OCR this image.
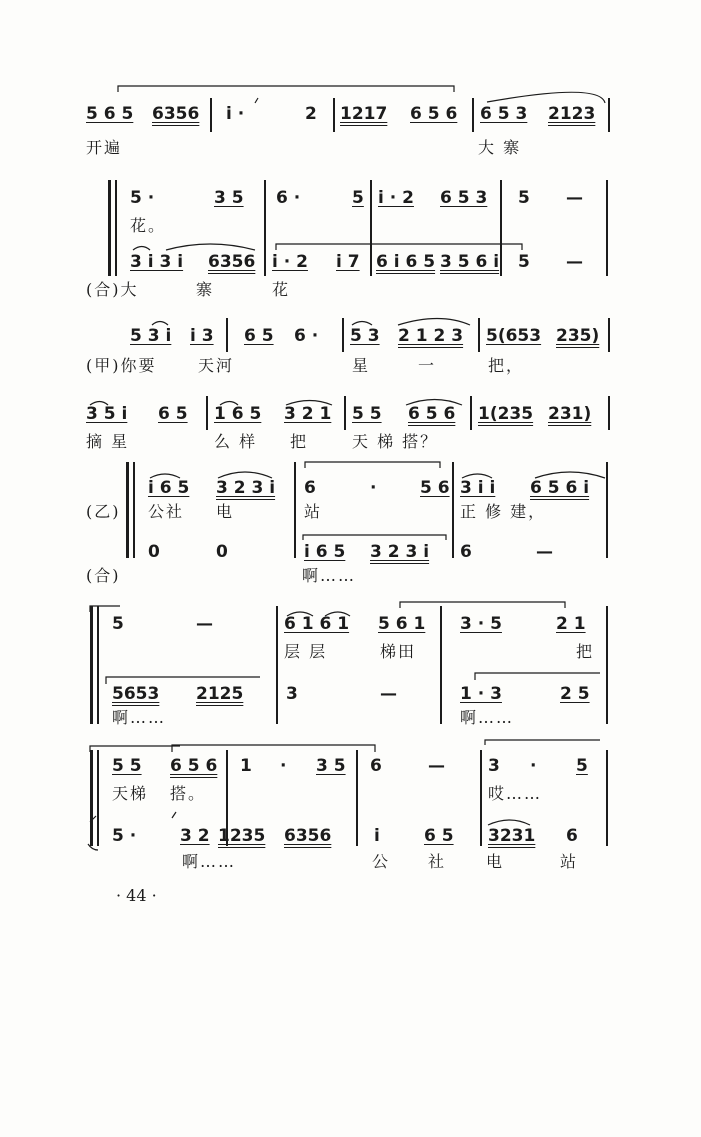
5 6 5 6356 i ·	2 1217 6 5 6 6 5 3 2123
开遍	大 寨
5 ·	3 5 6 ·	5 i · 2 6 5 3 5 —
花。
3 i 3 i 6356 i · 2 i 7 6 i 6 5 3 5 6 i 5 —
(合)大	寨	花
5 3 i i 3 6 5 6 · 5 3 2 1 2 3 5(653 235)
(甲)你要	天河	星	一	把，
3 5 i 6 5 1 6 5 3 2 1 5 5 6 5 6 1(235 231)
摘 星	么 样 把	天 梯 搭？
i 6 5 3 2 3 i 6	·	5 6 3 i i 6 5 6 i
(乙) 公社 电	站	正 修 建，
0	0	i 6 5 3 2 3 i 6	—
(合)	啊……
5	—	6 1 6 1 5 6 1 3 · 5	2 1
层 层	梯田	把
5653 2125	3	—	1 · 3	2 5
啊……	啊……
5 5 6 5 6 1 · 3 5 6	—	3 · 5
天梯 搭。	哎……
5 ·	3 2 1235 6356	i	6 5 3231 6
啊……	公 社 电	站
· 44 ·
